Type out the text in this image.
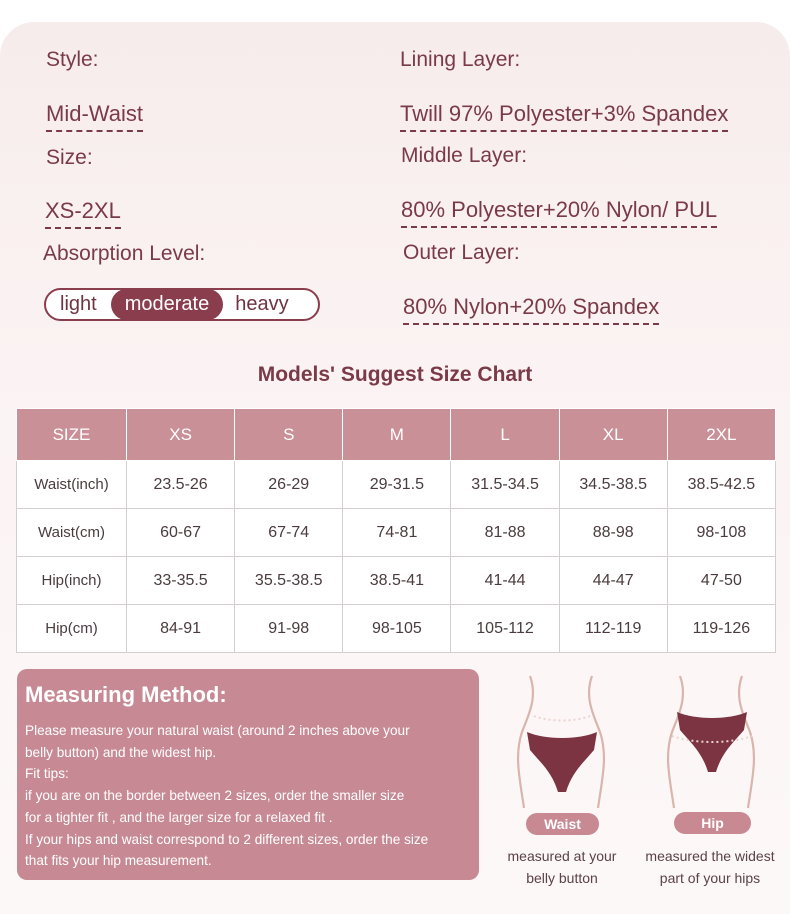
Style:
Mid-Waist
Size:
XS-2XL
Absorption Level:
light	moderate	heavy
Lining Layer:
Twill 97% Polyester+3% Spandex
Middle Layer:
80% Polyester+20% Nylon/ PUL
Outer Layer:
80% Nylon+20% Spandex
Models' Suggest Size Chart
SIZE	XS	S	M	L	XL	2XL
Waist(inch)	23.5-26	26-29	29-31.5	31.5-34.5	34.5-38.5	38.5-42.5
Waist(cm)	60-67	67-74	74-81	81-88	88-98	98-108
Hip(inch)	33-35.5	35.5-38.5	38.5-41	41-44	44-47	47-50
Hip(cm)	84-91	91-98	98-105	105-112	112-119	119-126
Measuring Method:
Please measure your natural waist (around 2 inches above your
belly button) and the widest hip.
Fit tips:
if you are on the border between 2 sizes, order the smaller size
for a tighter fit , and the larger size for a relaxed fit .
If your hips and waist correspond to 2 different sizes, order the size
that fits your hip measurement.
Waist
measured at your
belly button
Hip
measured the widest
part of your hips
